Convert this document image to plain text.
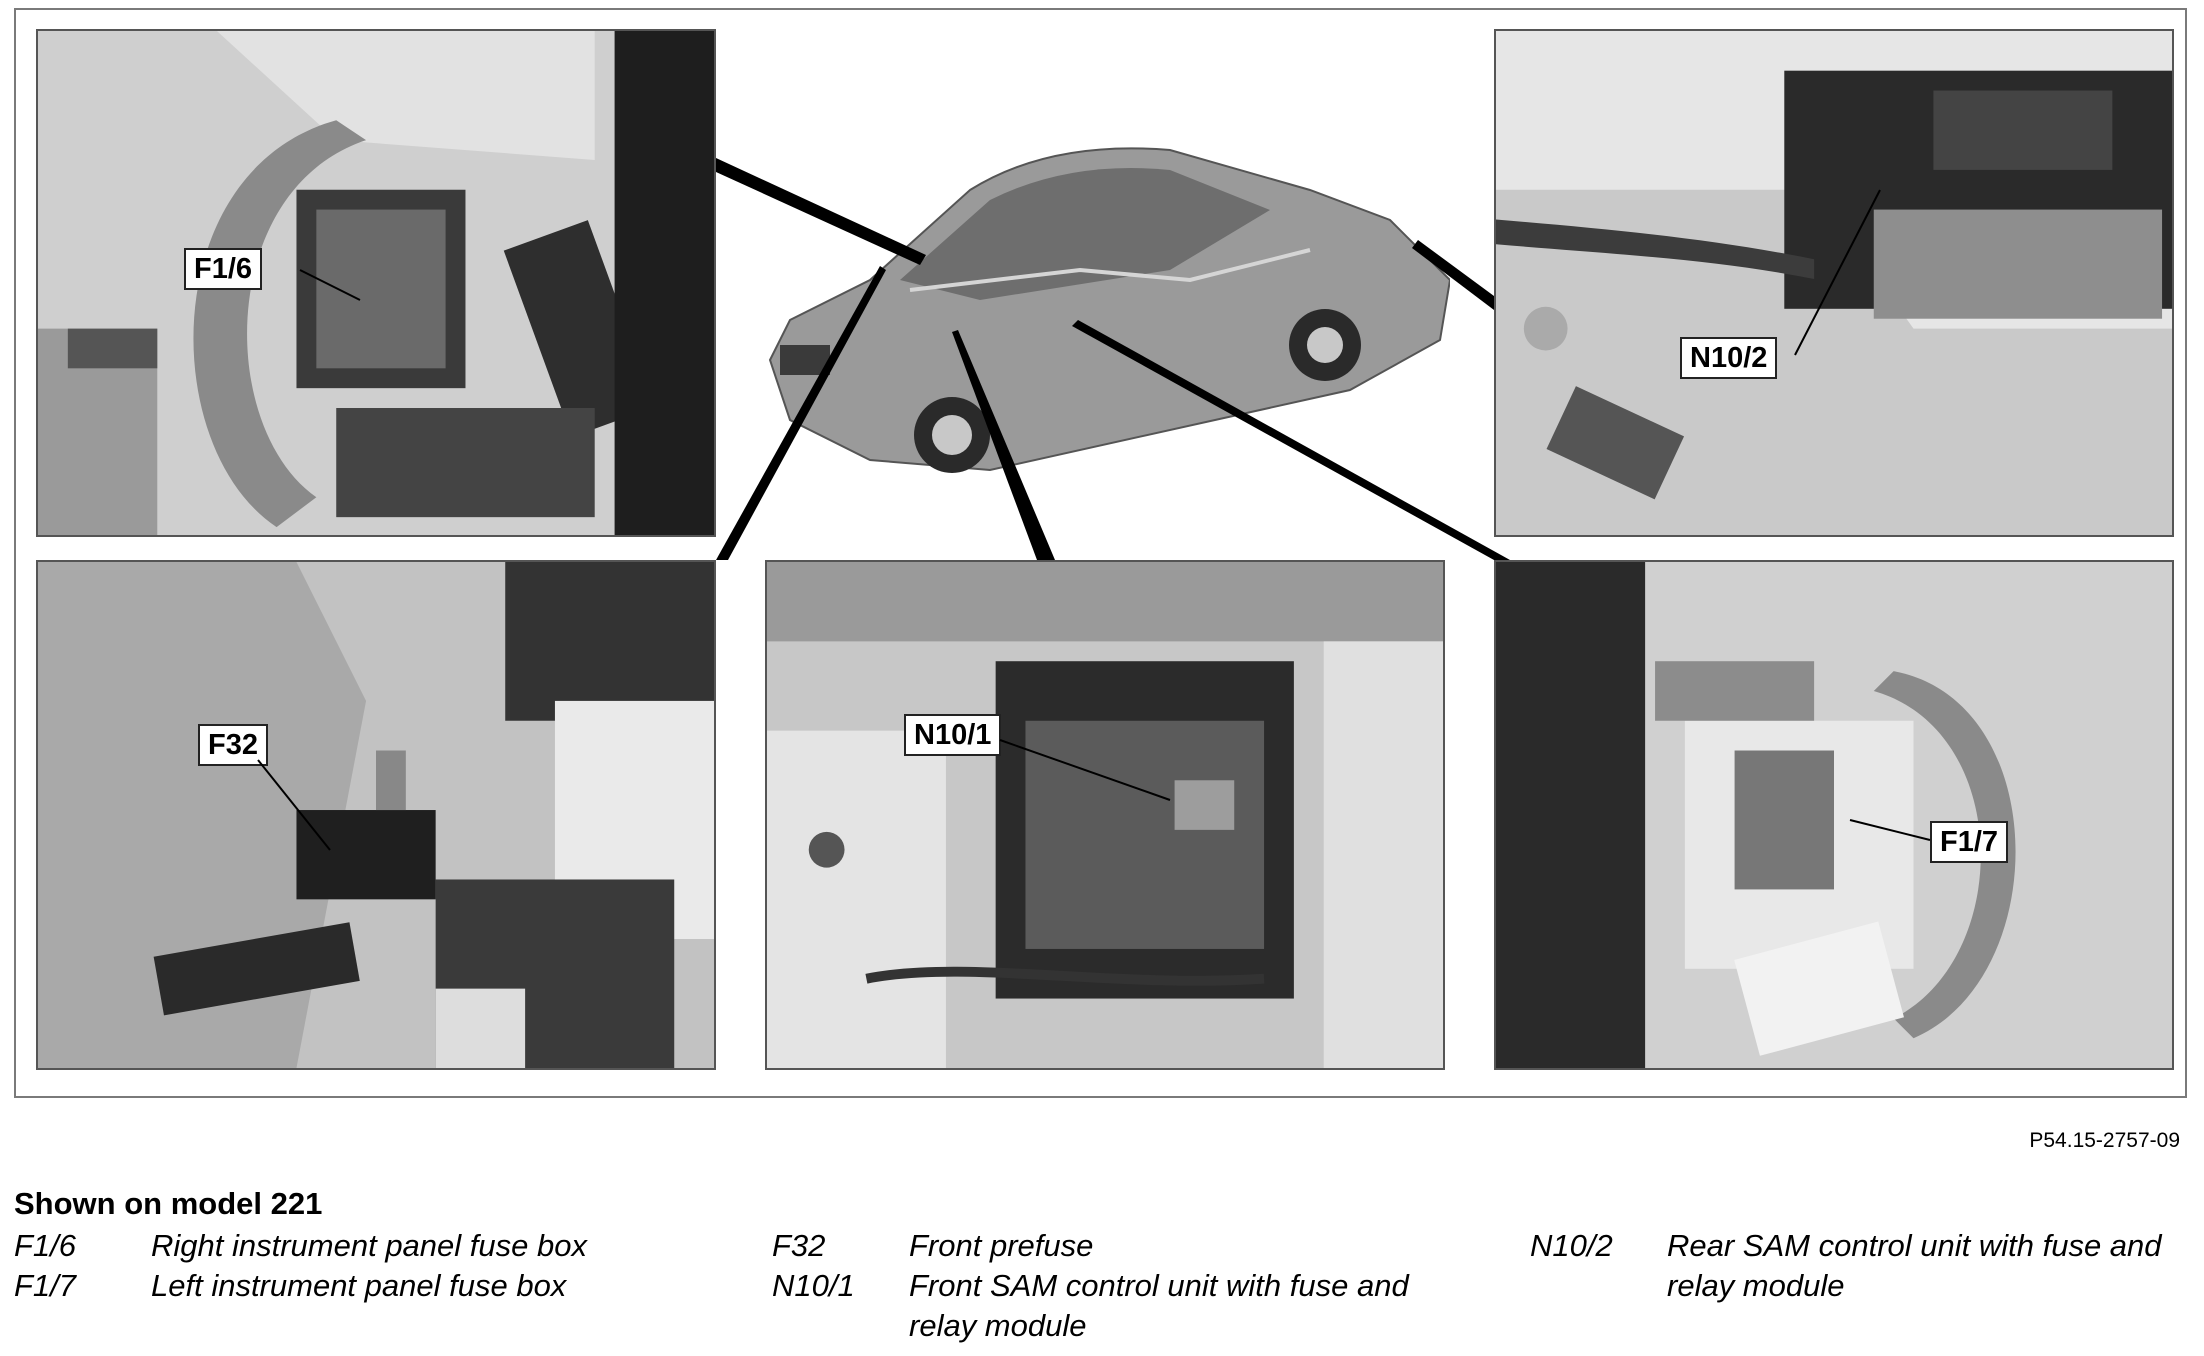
F1/6
N10/2
F32	N10/1
F1/7
P54.15-2757-09
Shown on model 221
F1/6 Right instrument panel fuse box
F1/7 Left instrument panel fuse box
F32	Front prefuse
N10/1 Front SAM control unit with fuse and relay module
N10/2 Rear SAM control unit with fuse and relay module
